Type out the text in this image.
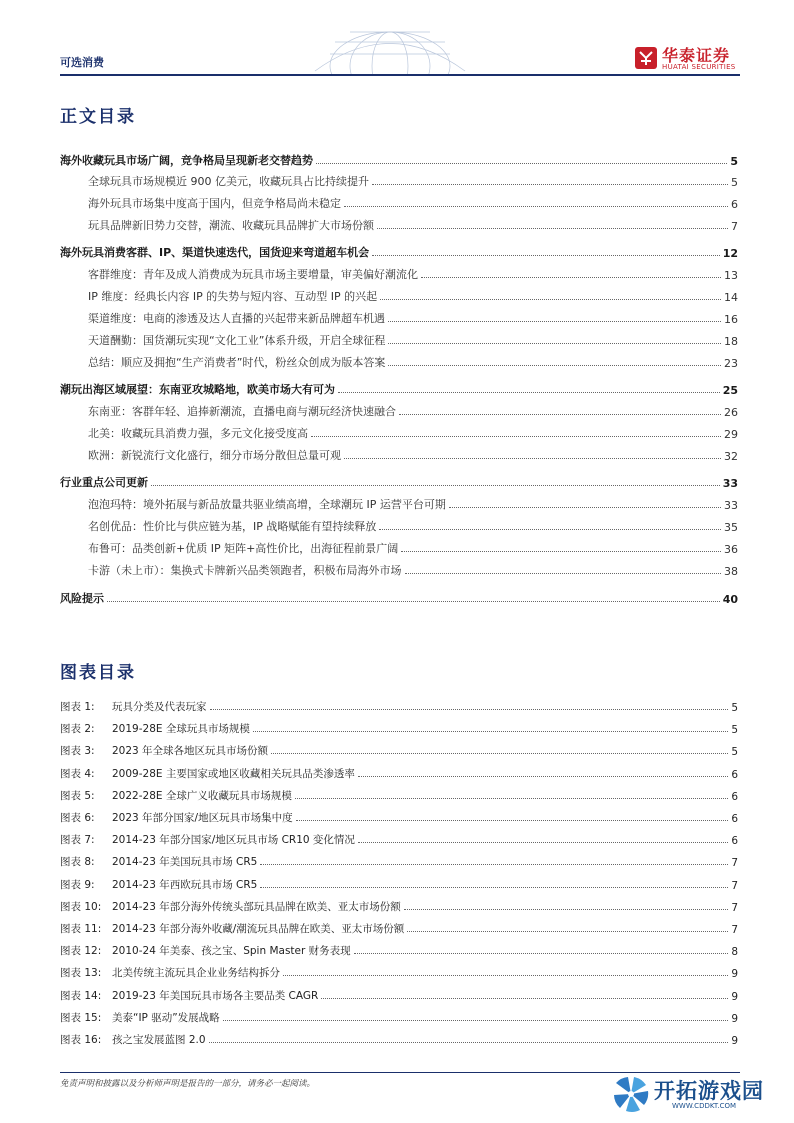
可选消费	华泰证券
HUATAI SECURITIES
正文目录
海外收藏玩具市场广阔，竞争格局呈现新老交替趋势	5
全球玩具市场规模近 900 亿美元，收藏玩具占比持续提升	5
海外玩具市场集中度高于国内，但竞争格局尚未稳定	6
玩具品牌新旧势力交替，潮流、收藏玩具品牌扩大市场份额	7
海外玩具消费客群、IP、渠道快速迭代，国货迎来弯道超车机会	12
客群维度：青年及成人消费成为玩具市场主要增量，审美偏好潮流化	13
IP 维度：经典长内容 IP 的失势与短内容、互动型 IP 的兴起	14
渠道维度：电商的渗透及达人直播的兴起带来新品牌超车机遇	16
天道酬勤：国货潮玩实现“文化工业”体系升级，开启全球征程	18
总结：顺应及拥抱“生产消费者”时代，粉丝众创成为版本答案	23
潮玩出海区域展望：东南亚攻城略地，欧美市场大有可为	25
东南亚：客群年轻、追捧新潮流，直播电商与潮玩经济快速融合	26
北美：收藏玩具消费力强，多元文化接受度高	29
欧洲：新锐流行文化盛行，细分市场分散但总量可观	32
行业重点公司更新	33
泡泡玛特：境外拓展与新品放量共驱业绩高增，全球潮玩 IP 运营平台可期	33
名创优品：性价比与供应链为基，IP 战略赋能有望持续释放	35
布鲁可：品类创新+优质 IP 矩阵+高性价比，出海征程前景广阔	36
卡游（未上市）：集换式卡牌新兴品类领跑者，积极布局海外市场	38
风险提示	40
图表目录
图表 1:	玩具分类及代表玩家	5
图表 2:	2019-28E 全球玩具市场规模	5
图表 3:	2023 年全球各地区玩具市场份额	5
图表 4:	2009-28E 主要国家或地区收藏相关玩具品类渗透率	6
图表 5:	2022-28E 全球广义收藏玩具市场规模	6
图表 6:	2023 年部分国家/地区玩具市场集中度	6
图表 7:	2014-23 年部分国家/地区玩具市场 CR10 变化情况	6
图表 8:	2014-23 年美国玩具市场 CR5	7
图表 9:	2014-23 年西欧玩具市场 CR5	7
图表 10:	2014-23 年部分海外传统头部玩具品牌在欧美、亚太市场份额	7
图表 11:	2014-23 年部分海外收藏/潮流玩具品牌在欧美、亚太市场份额	7
图表 12:	2010-24 年美泰、孩之宝、Spin Master 财务表现	8
图表 13:	北美传统主流玩具企业业务结构拆分	9
图表 14:	2019-23 年美国玩具市场各主要品类 CAGR	9
图表 15:	美泰“IP 驱动”发展战略	9
图表 16:	孩之宝发展蓝图 2.0	9
免责声明和披露以及分析师声明是报告的一部分，请务必一起阅读。	开拓游戏园
WWW.CDDKT.COM
